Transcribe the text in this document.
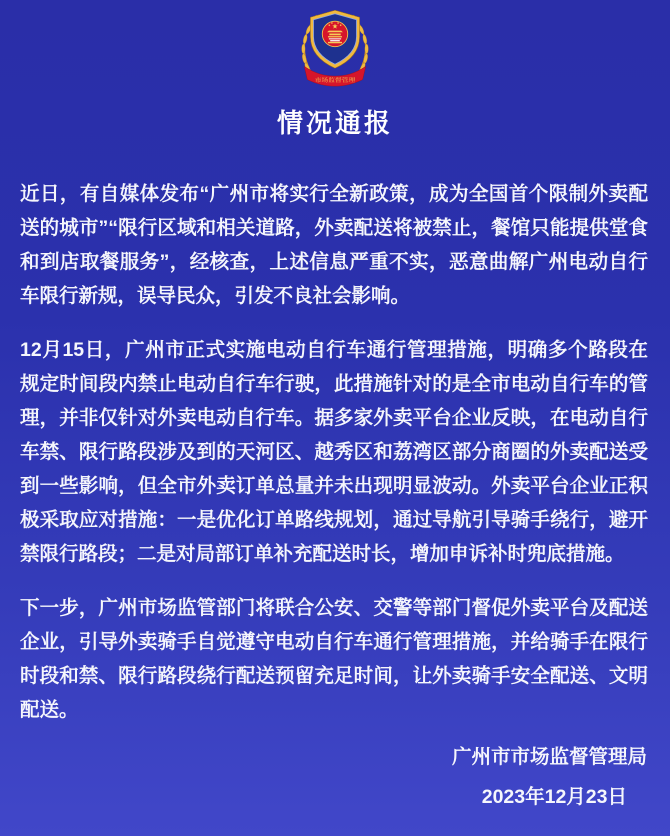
市场监督管理
情况通报

近日，有自媒体发布“广州市将实行全新政策，成为全国首个限制外卖配送的城市”“限行区域和相关道路，外卖配送将被禁止，餐馆只能提供堂食和到店取餐服务”，经核查，上述信息严重不实，恶意曲解广州电动自行车限行新规，误导民众，引发不良社会影响。

12月15日，广州市正式实施电动自行车通行管理措施，明确多个路段在规定时间段内禁止电动自行车行驶，此措施针对的是全市电动自行车的管理，并非仅针对外卖电动自行车。据多家外卖平台企业反映，在电动自行车禁、限行路段涉及到的天河区、越秀区和荔湾区部分商圈的外卖配送受到一些影响，但全市外卖订单总量并未出现明显波动。外卖平台企业正积极采取应对措施：一是优化订单路线规划，通过导航引导骑手绕行，避开禁限行路段；二是对局部订单补充配送时长，增加申诉补时兜底措施。

下一步，广州市场监管部门将联合公安、交警等部门督促外卖平台及配送企业，引导外卖骑手自觉遵守电动自行车通行管理措施，并给骑手在限行时段和禁、限行路段绕行配送预留充足时间，让外卖骑手安全配送、文明配送。

广州市市场监督管理局
2023年12月23日
